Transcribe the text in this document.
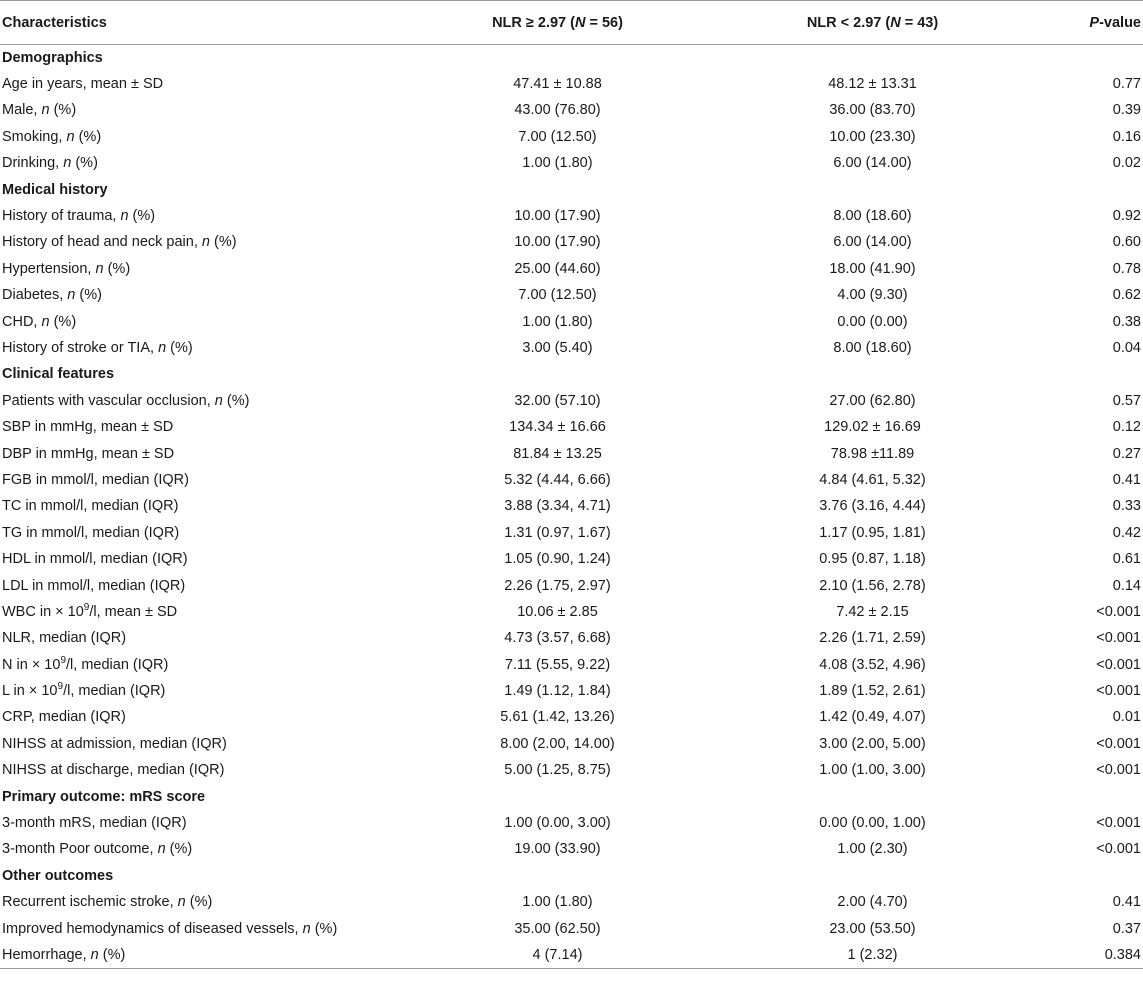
Characteristics	NLR ≥ 2.97 (N = 56)	NLR < 2.97 (N = 43)	P-value
Demographics			
Age in years, mean ± SD	47.41 ± 10.88	48.12 ± 13.31	0.77
Male, n (%)	43.00 (76.80)	36.00 (83.70)	0.39
Smoking, n (%)	7.00 (12.50)	10.00 (23.30)	0.16
Drinking, n (%)	1.00 (1.80)	6.00 (14.00)	0.02
Medical history			
History of trauma, n (%)	10.00 (17.90)	8.00 (18.60)	0.92
History of head and neck pain, n (%)	10.00 (17.90)	6.00 (14.00)	0.60
Hypertension, n (%)	25.00 (44.60)	18.00 (41.90)	0.78
Diabetes, n (%)	7.00 (12.50)	4.00 (9.30)	0.62
CHD, n (%)	1.00 (1.80)	0.00 (0.00)	0.38
History of stroke or TIA, n (%)	3.00 (5.40)	8.00 (18.60)	0.04
Clinical features			
Patients with vascular occlusion, n (%)	32.00 (57.10)	27.00 (62.80)	0.57
SBP in mmHg, mean ± SD	134.34 ± 16.66	129.02 ± 16.69	0.12
DBP in mmHg, mean ± SD	81.84 ± 13.25	78.98 ±11.89	0.27
FGB in mmol/l, median (IQR)	5.32 (4.44, 6.66)	4.84 (4.61, 5.32)	0.41
TC in mmol/l, median (IQR)	3.88 (3.34, 4.71)	3.76 (3.16, 4.44)	0.33
TG in mmol/l, median (IQR)	1.31 (0.97, 1.67)	1.17 (0.95, 1.81)	0.42
HDL in mmol/l, median (IQR)	1.05 (0.90, 1.24)	0.95 (0.87, 1.18)	0.61
LDL in mmol/l, median (IQR)	2.26 (1.75, 2.97)	2.10 (1.56, 2.78)	0.14
WBC in × $10^9/l$, mean ± SD	10.06 ± 2.85	7.42 ± 2.15	<0.001
NLR, median (IQR)	4.73 (3.57, 6.68)	2.26 (1.71, 2.59)	<0.001
N in × $10^9/l$, median (IQR)	7.11 (5.55, 9.22)	4.08 (3.52, 4.96)	<0.001
L in × $10^9/l$, median (IQR)	1.49 (1.12, 1.84)	1.89 (1.52, 2.61)	<0.001
CRP, median (IQR)	5.61 (1.42, 13.26)	1.42 (0.49, 4.07)	0.01
NIHSS at admission, median (IQR)	8.00 (2.00, 14.00)	3.00 (2.00, 5.00)	<0.001
NIHSS at discharge, median (IQR)	5.00 (1.25, 8.75)	1.00 (1.00, 3.00)	<0.001
Primary outcome: mRS score			
3-month mRS, median (IQR)	1.00 (0.00, 3.00)	0.00 (0.00, 1.00)	<0.001
3-month Poor outcome, n (%)	19.00 (33.90)	1.00 (2.30)	<0.001
Other outcomes			
Recurrent ischemic stroke, n (%)	1.00 (1.80)	2.00 (4.70)	0.41
Improved hemodynamics of diseased vessels, n (%)	35.00 (62.50)	23.00 (53.50)	0.37
Hemorrhage, n (%)	4 (7.14)	1 (2.32)	0.384
